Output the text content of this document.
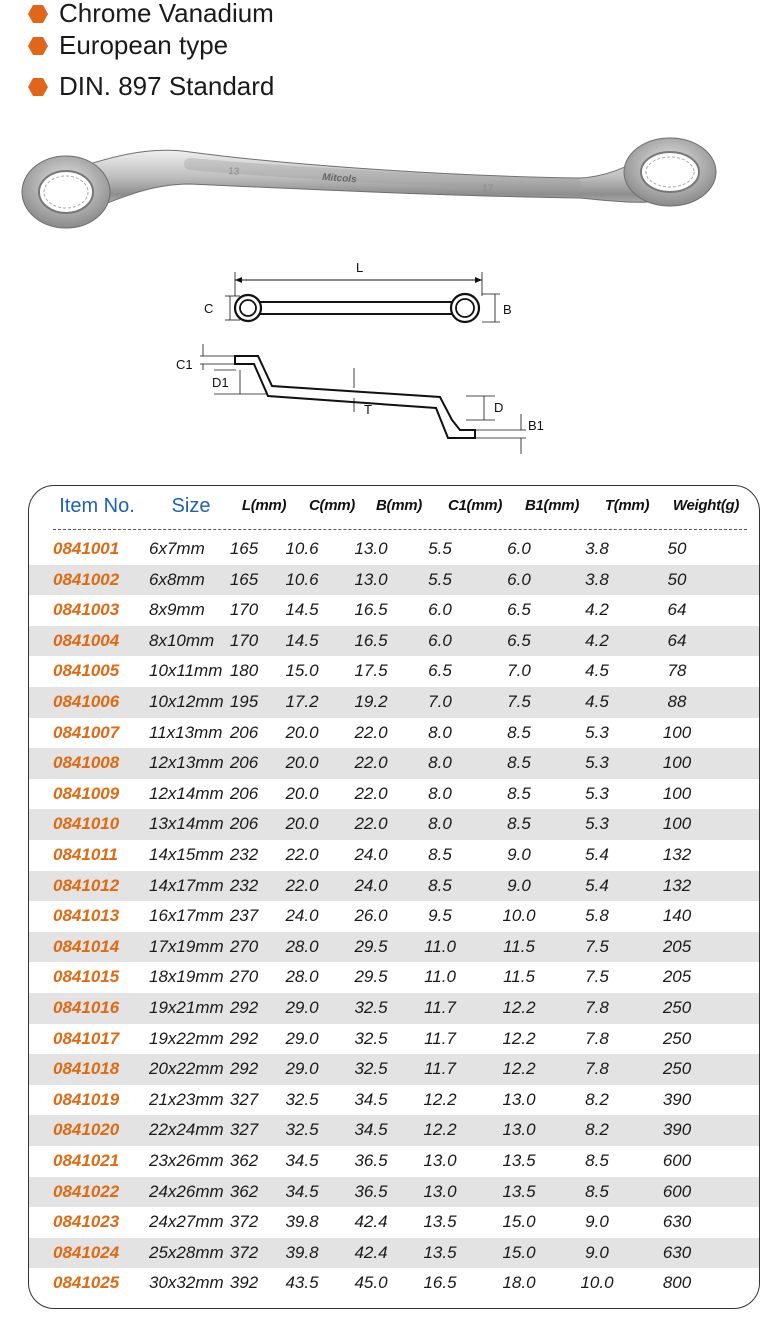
Chrome Vanadium
European type
DIN. 897 Standard
13
Mitcols
17
L
C	B
C1
D1
T	D
B1
Item No. Size L(mm) C(mm) B(mm) C1(mm) B1(mm) T(mm) Weight(g)
0841001 6x7mm 165 10.6 13.0 5.5	6.0	3.8	50
0841002 6x8mm 165 10.6 13.0 5.5	6.0	3.8	50
0841003 8x9mm 170 14.5 16.5 6.0	6.5	4.2	64
0841004 8x10mm 170 14.5 16.5 6.0	6.5	4.2	64
0841005 10x11mm 180 15.0 17.5 6.5	7.0	4.5	78
0841006 10x12mm 195 17.2 19.2 7.0	7.5	4.5	88
0841007 11x13mm 206 20.0 22.0 8.0	8.5	5.3	100
0841008 12x13mm 206 20.0 22.0 8.0	8.5	5.3	100
0841009 12x14mm 206 20.0 22.0 8.0	8.5	5.3	100
0841010 13x14mm 206 20.0 22.0 8.0	8.5	5.3	100
0841011 14x15mm 232 22.0 24.0 8.5	9.0	5.4	132
0841012 14x17mm 232 22.0 24.0 8.5	9.0	5.4	132
0841013 16x17mm 237 24.0 26.0 9.5	10.0	5.8	140
0841014 17x19mm 270 28.0 29.5 11.0	11.5	7.5	205
0841015 18x19mm 270 28.0 29.5 11.0	11.5	7.5	205
0841016 19x21mm 292 29.0 32.5 11.7	12.2	7.8	250
0841017 19x22mm 292 29.0 32.5 11.7	12.2	7.8	250
0841018 20x22mm 292 29.0 32.5 11.7	12.2	7.8	250
0841019 21x23mm 327 32.5 34.5 12.2	13.0	8.2	390
0841020 22x24mm 327 32.5 34.5 12.2	13.0	8.2	390
0841021 23x26mm 362 34.5 36.5 13.0	13.5	8.5	600
0841022 24x26mm 362 34.5 36.5 13.0	13.5	8.5	600
0841023 24x27mm 372 39.8 42.4 13.5	15.0	9.0	630
0841024 25x28mm 372 39.8 42.4 13.5	15.0	9.0	630
0841025 30x32mm 392 43.5 45.0 16.5	18.0	10.0	800
